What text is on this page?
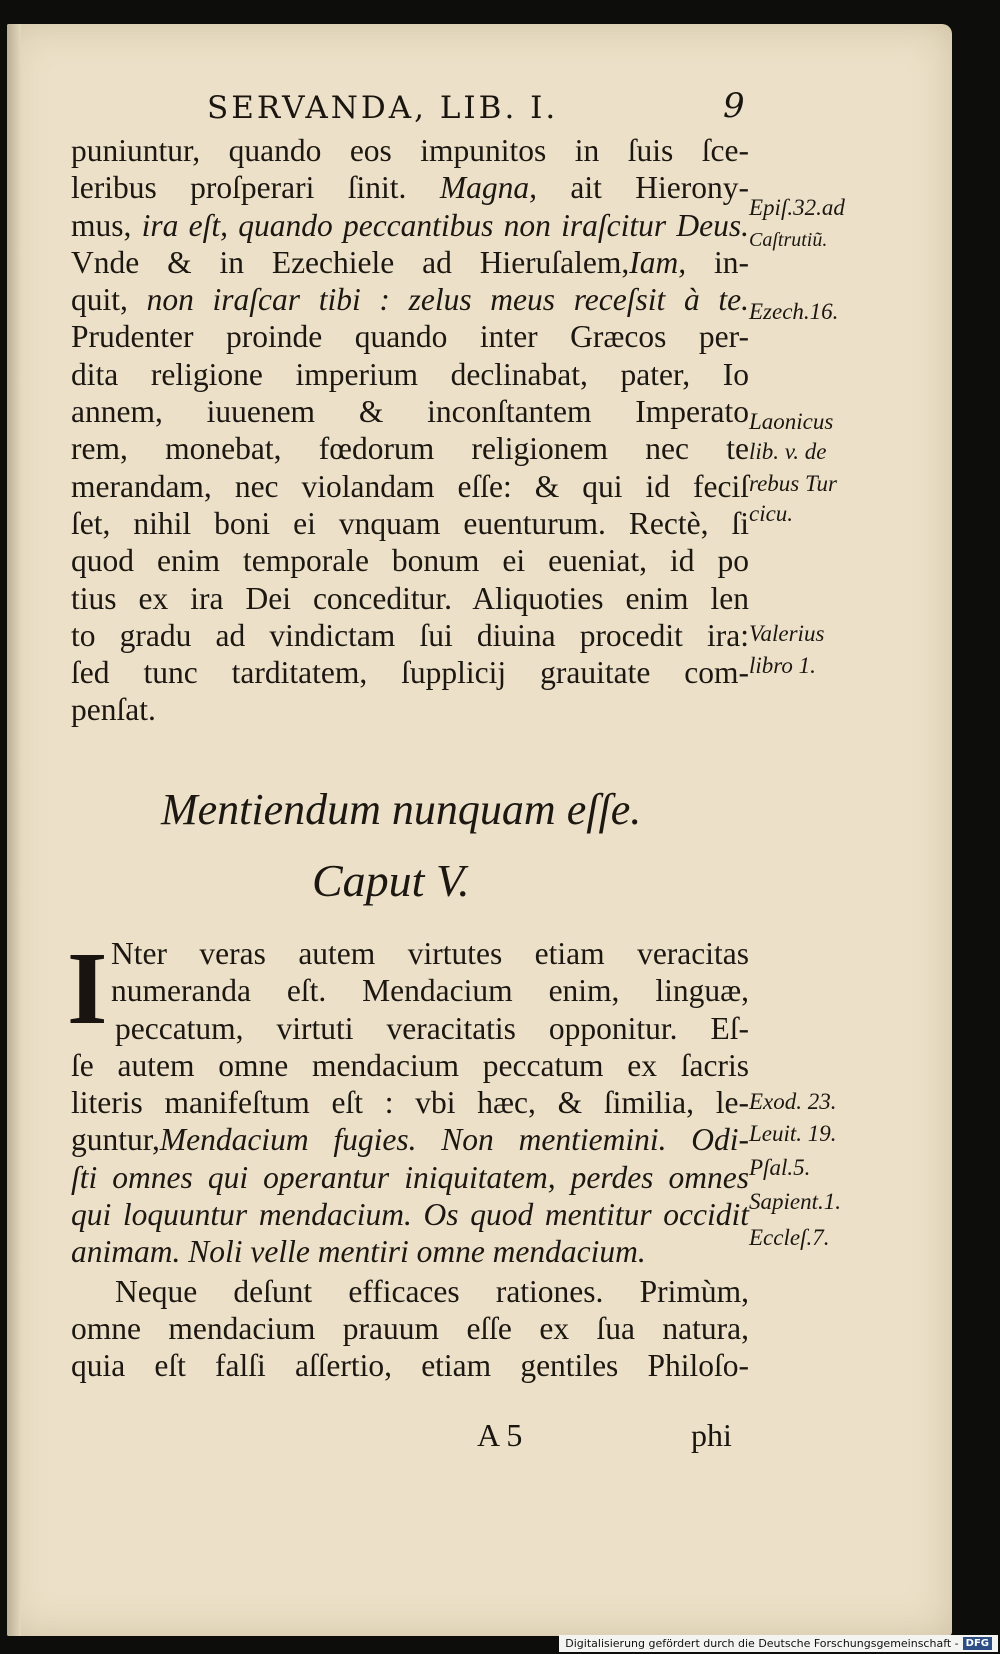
SERVANDA, LIB. I.	9
puniuntur, quando eos impunitos in ſuis ſce-
leribus proſperari ſinit. Magna, ait Hierony-
mus, ira eſt, quando peccantibus non iraſcitur Deus.
Vnde & in Ezechiele ad Hieruſalem,Iam, in-
quit, non iraſcar tibi : zelus meus receſsit à te.
Prudenter proinde quando inter Græcos per-
dita religione imperium declinabat, pater, Io
annem, iuuenem & inconſtantem Imperato
rem, monebat, fœdorum religionem nec te
merandam, nec violandam eſſe: & qui id feciſ
ſet, nihil boni ei vnquam euenturum. Rectè, ſi
quod enim temporale bonum ei eueniat, id po
tius ex ira Dei conceditur. Aliquoties enim len
to gradu ad vindictam ſui diuina procedit ira:
ſed tunc tarditatem, ſupplicij grauitate com-
penſat.
Mentiendum nunquam eſſe.
Caput V.
I Nter veras autem virtutes etiam veracitas
numeranda eſt. Mendacium enim, linguæ,
peccatum, virtuti veracitatis opponitur. Eſ-
ſe autem omne mendacium peccatum ex ſacris
literis manifeſtum eſt : vbi hæc, & ſimilia, le-
guntur,Mendacium fugies. Non mentiemini. Odi-
ſti omnes qui operantur iniquitatem, perdes omnes
qui loquuntur mendacium. Os quod mentitur occidit
animam. Noli velle mentiri omne mendacium.
Neque deſunt efficaces rationes. Primùm,
omne mendacium prauum eſſe ex ſua natura,
quia eſt falſi aſſertio, etiam gentiles Philoſo-
A 5	phi
Epiſ.32.ad
Caſtrutiũ.
Ezech.16.
Laonicus
lib. v. de
rebus Tur
cicu.
Valerius
libro 1.
Exod. 23.
Leuit. 19.
Pſal.5.
Sapient.1.
Eccleſ.7.
Digitalisierung gefördert durch die Deutsche Forschungsgemeinschaft - DFG
